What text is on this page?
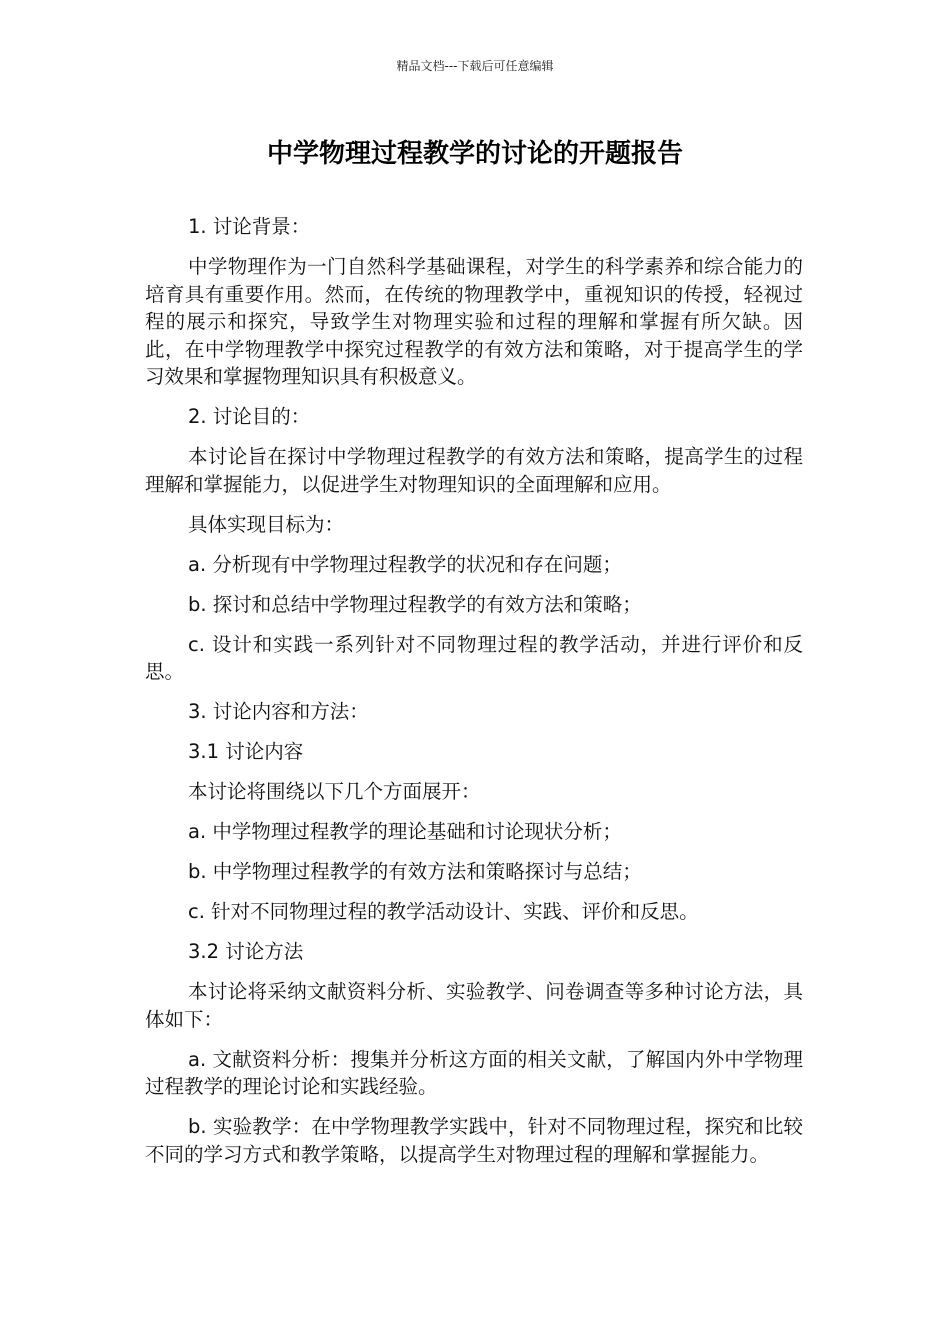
精品文档---下载后可任意编辑
中学物理过程教学的讨论的开题报告

1. 讨论背景：

中学物理作为一门自然科学基础课程，对学生的科学素养和综合能力的培育具有重要作用。然而，在传统的物理教学中，重视知识的传授，轻视过程的展示和探究，导致学生对物理实验和过程的理解和掌握有所欠缺。因此，在中学物理教学中探究过程教学的有效方法和策略，对于提高学生的学习效果和掌握物理知识具有积极意义。

2. 讨论目的：

本讨论旨在探讨中学物理过程教学的有效方法和策略，提高学生的过程理解和掌握能力，以促进学生对物理知识的全面理解和应用。

具体实现目标为：

a. 分析现有中学物理过程教学的状况和存在问题；

b. 探讨和总结中学物理过程教学的有效方法和策略；

c. 设计和实践一系列针对不同物理过程的教学活动，并进行评价和反思。

3. 讨论内容和方法：

3.1 讨论内容

本讨论将围绕以下几个方面展开：

a. 中学物理过程教学的理论基础和讨论现状分析；

b. 中学物理过程教学的有效方法和策略探讨与总结；

c. 针对不同物理过程的教学活动设计、实践、评价和反思。

3.2 讨论方法

本讨论将采纳文献资料分析、实验教学、问卷调查等多种讨论方法，具体如下：

a. 文献资料分析：搜集并分析这方面的相关文献，了解国内外中学物理过程教学的理论讨论和实践经验。

b. 实验教学：在中学物理教学实践中，针对不同物理过程，探究和比较不同的学习方式和教学策略，以提高学生对物理过程的理解和掌握能力。
